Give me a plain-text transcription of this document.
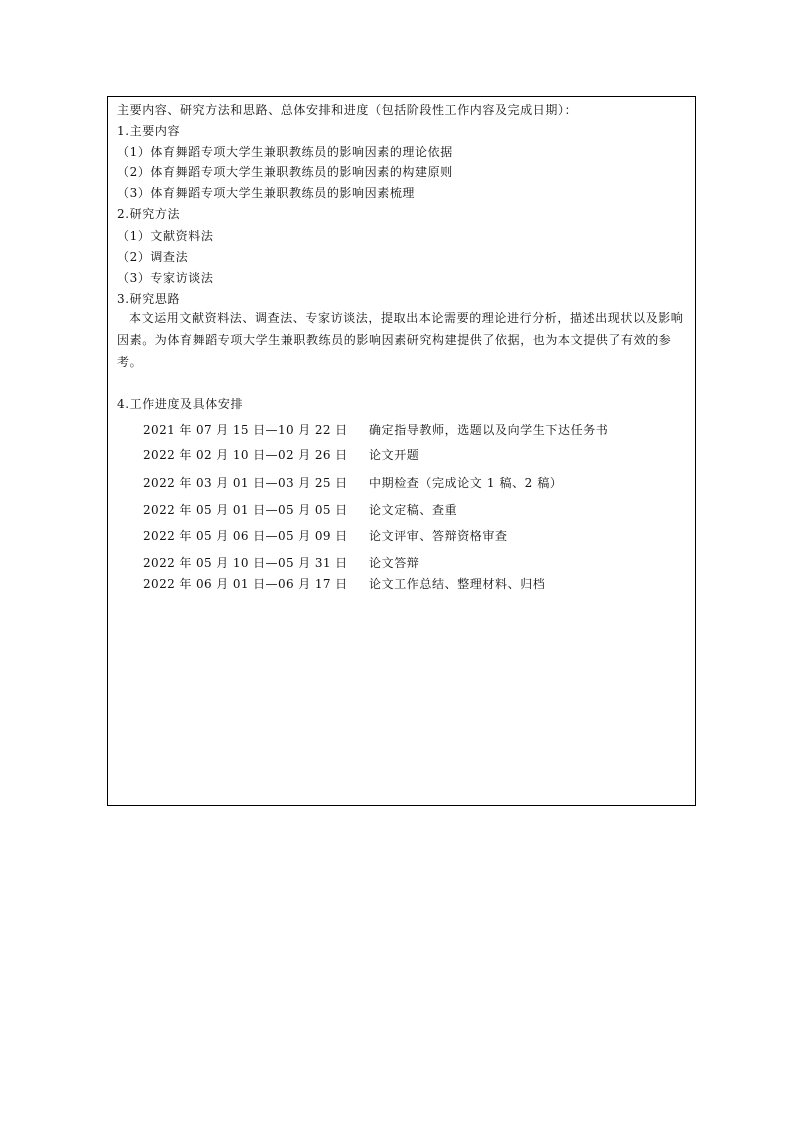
主要内容、研究方法和思路、总体安排和进度（包括阶段性工作内容及完成日期）：
1.主要内容
（1）体育舞蹈专项大学生兼职教练员的影响因素的理论依据
（2）体育舞蹈专项大学生兼职教练员的影响因素的构建原则
（3）体育舞蹈专项大学生兼职教练员的影响因素梳理
2.研究方法
（1）文献资料法
（2）调查法
（3）专家访谈法
3.研究思路
本文运用文献资料法、调查法、专家访谈法，提取出本论需要的理论进行分析，描述出现状以及影响因素。为体育舞蹈专项大学生兼职教练员的影响因素研究构建提供了依据，也为本文提供了有效的参考。
4.工作进度及具体安排
2021 年 07 月 15 日—10 月 22 日 确定指导教师，选题以及向学生下达任务书
2022 年 02 月 10 日—02 月 26 日 论文开题
2022 年 03 月 01 日—03 月 25 日 中期检查（完成论文 1 稿、2 稿）
2022 年 05 月 01 日—05 月 05 日 论文定稿、查重
2022 年 05 月 06 日—05 月 09 日 论文评审、答辩资格审查
2022 年 05 月 10 日—05 月 31 日 论文答辩
2022 年 06 月 01 日—06 月 17 日 论文工作总结、整理材料、归档
